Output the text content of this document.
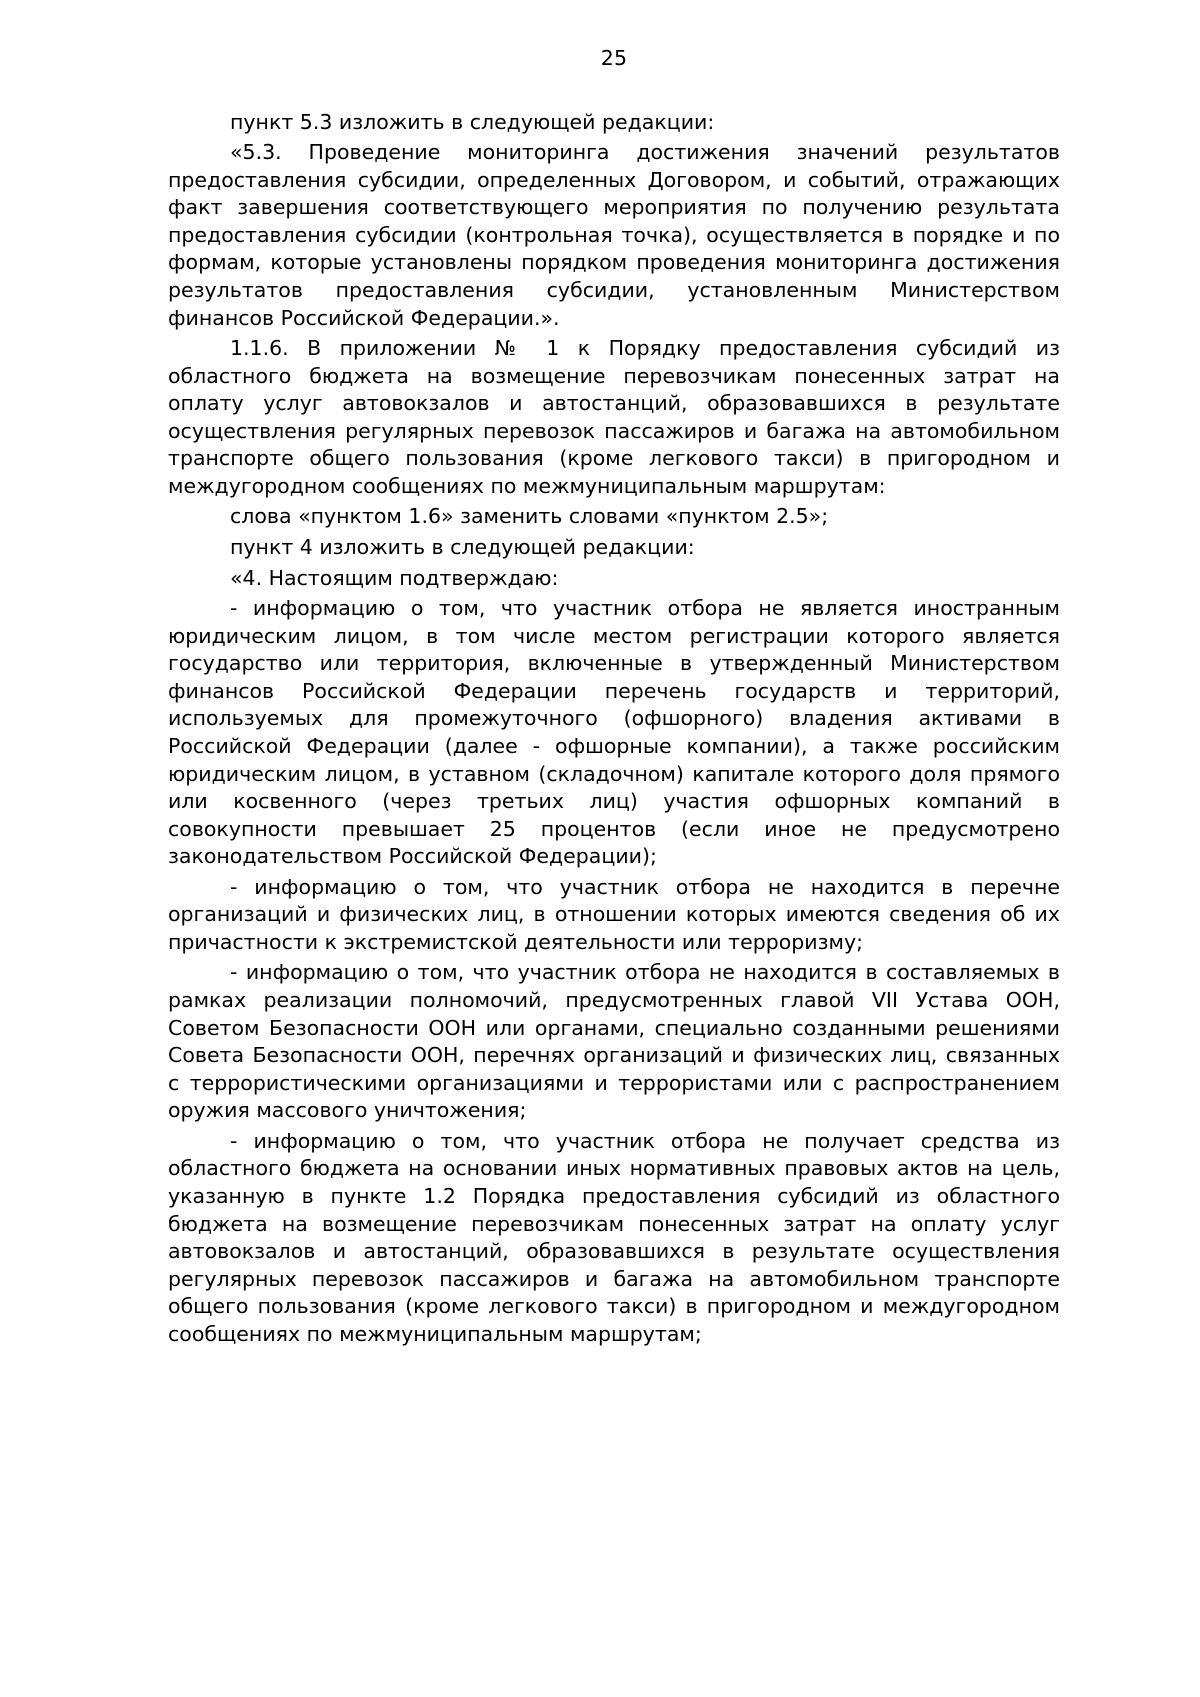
25

пункт 5.3 изложить в следующей редакции:

«5.3. Проведение мониторинга достижения значений результатов предоставления субсидии, определенных Договором, и событий, отражающих факт завершения соответствующего мероприятия по получению результата предоставления субсидии (контрольная точка), осуществляется в порядке и по формам, которые установлены порядком проведения мониторинга достижения результатов предоставления субсидии, установленным Министерством финансов Российской Федерации.».

1.1.6. В приложении № 1 к Порядку предоставления субсидий из областного бюджета на возмещение перевозчикам понесенных затрат на оплату услуг автовокзалов и автостанций, образовавшихся в результате осуществления регулярных перевозок пассажиров и багажа на автомобильном транспорте общего пользования (кроме легкового такси) в пригородном и междугородном сообщениях по межмуниципальным маршрутам:

слова «пунктом 1.6» заменить словами «пунктом 2.5»;

пункт 4 изложить в следующей редакции:

«4. Настоящим подтверждаю:

- информацию о том, что участник отбора не является иностранным юридическим лицом, в том числе местом регистрации которого является государство или территория, включенные в утвержденный Министерством финансов Российской Федерации перечень государств и территорий, используемых для промежуточного (офшорного) владения активами в Российской Федерации (далее - офшорные компании), а также российским юридическим лицом, в уставном (складочном) капитале которого доля прямого или косвенного (через третьих лиц) участия офшорных компаний в совокупности превышает 25 процентов (если иное не предусмотрено законодательством Российской Федерации);

- информацию о том, что участник отбора не находится в перечне организаций и физических лиц, в отношении которых имеются сведения об их причастности к экстремистской деятельности или терроризму;

- информацию о том, что участник отбора не находится в составляемых в рамках реализации полномочий, предусмотренных главой VII Устава ООН, Советом Безопасности ООН или органами, специально созданными решениями Совета Безопасности ООН, перечнях организаций и физических лиц, связанных с террористическими организациями и террористами или с распространением оружия массового уничтожения;

- информацию о том, что участник отбора не получает средства из областного бюджета на основании иных нормативных правовых актов на цель, указанную в пункте 1.2 Порядка предоставления субсидий из областного бюджета на возмещение перевозчикам понесенных затрат на оплату услуг автовокзалов и автостанций, образовавшихся в результате осуществления регулярных перевозок пассажиров и багажа на автомобильном транспорте общего пользования (кроме легкового такси) в пригородном и междугородном сообщениях по межмуниципальным маршрутам;
